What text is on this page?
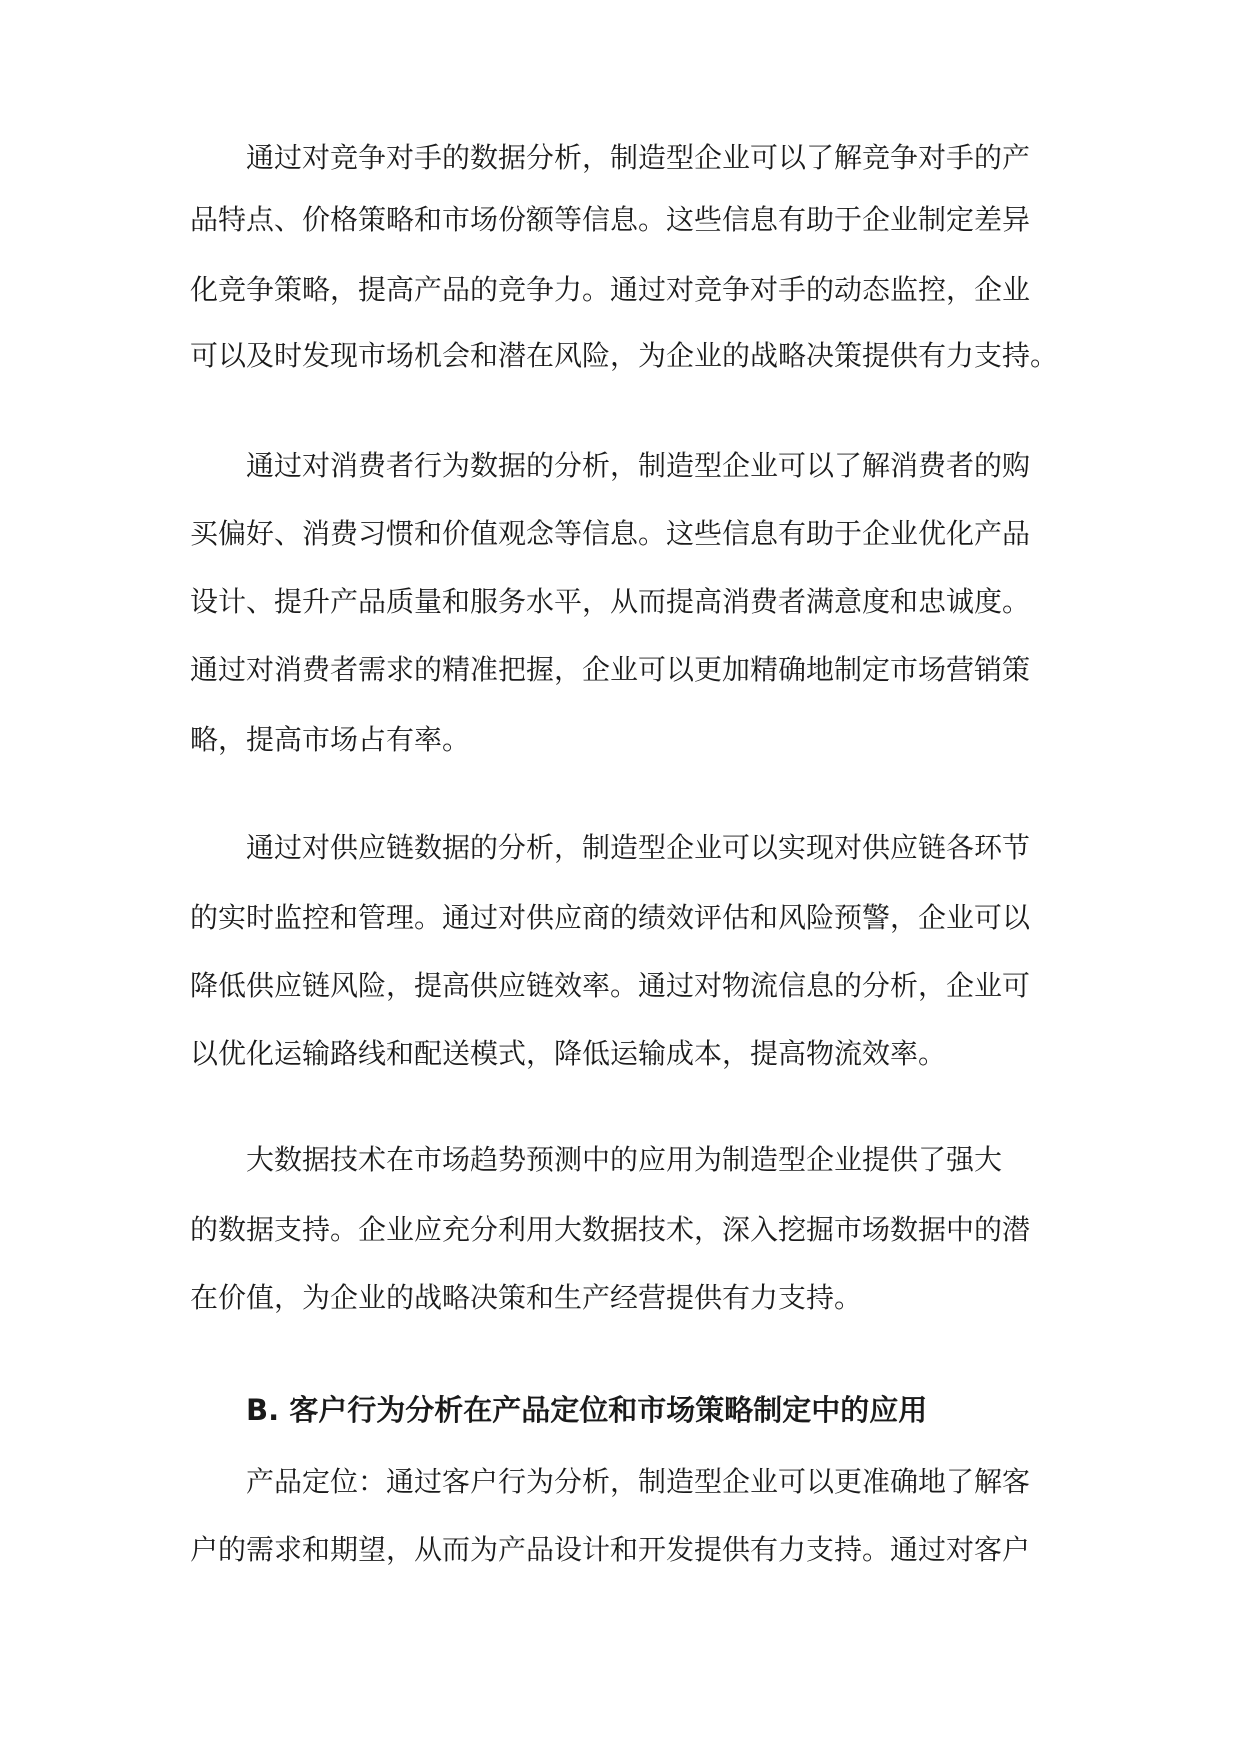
通过对竞争对手的数据分析，制造型企业可以了解竞争对手的产
品特点、价格策略和市场份额等信息。这些信息有助于企业制定差异
化竞争策略，提高产品的竞争力。通过对竞争对手的动态监控，企业
可以及时发现市场机会和潜在风险，为企业的战略决策提供有力支持。
通过对消费者行为数据的分析，制造型企业可以了解消费者的购
买偏好、消费习惯和价值观念等信息。这些信息有助于企业优化产品
设计、提升产品质量和服务水平，从而提高消费者满意度和忠诚度。
通过对消费者需求的精准把握，企业可以更加精确地制定市场营销策
略，提高市场占有率。
通过对供应链数据的分析，制造型企业可以实现对供应链各环节
的实时监控和管理。通过对供应商的绩效评估和风险预警，企业可以
降低供应链风险，提高供应链效率。通过对物流信息的分析，企业可
以优化运输路线和配送模式，降低运输成本，提高物流效率。
大数据技术在市场趋势预测中的应用为制造型企业提供了强大
的数据支持。企业应充分利用大数据技术，深入挖掘市场数据中的潜
在价值，为企业的战略决策和生产经营提供有力支持。
B. 客户行为分析在产品定位和市场策略制定中的应用
产品定位：通过客户行为分析，制造型企业可以更准确地了解客
户的需求和期望，从而为产品设计和开发提供有力支持。通过对客户
